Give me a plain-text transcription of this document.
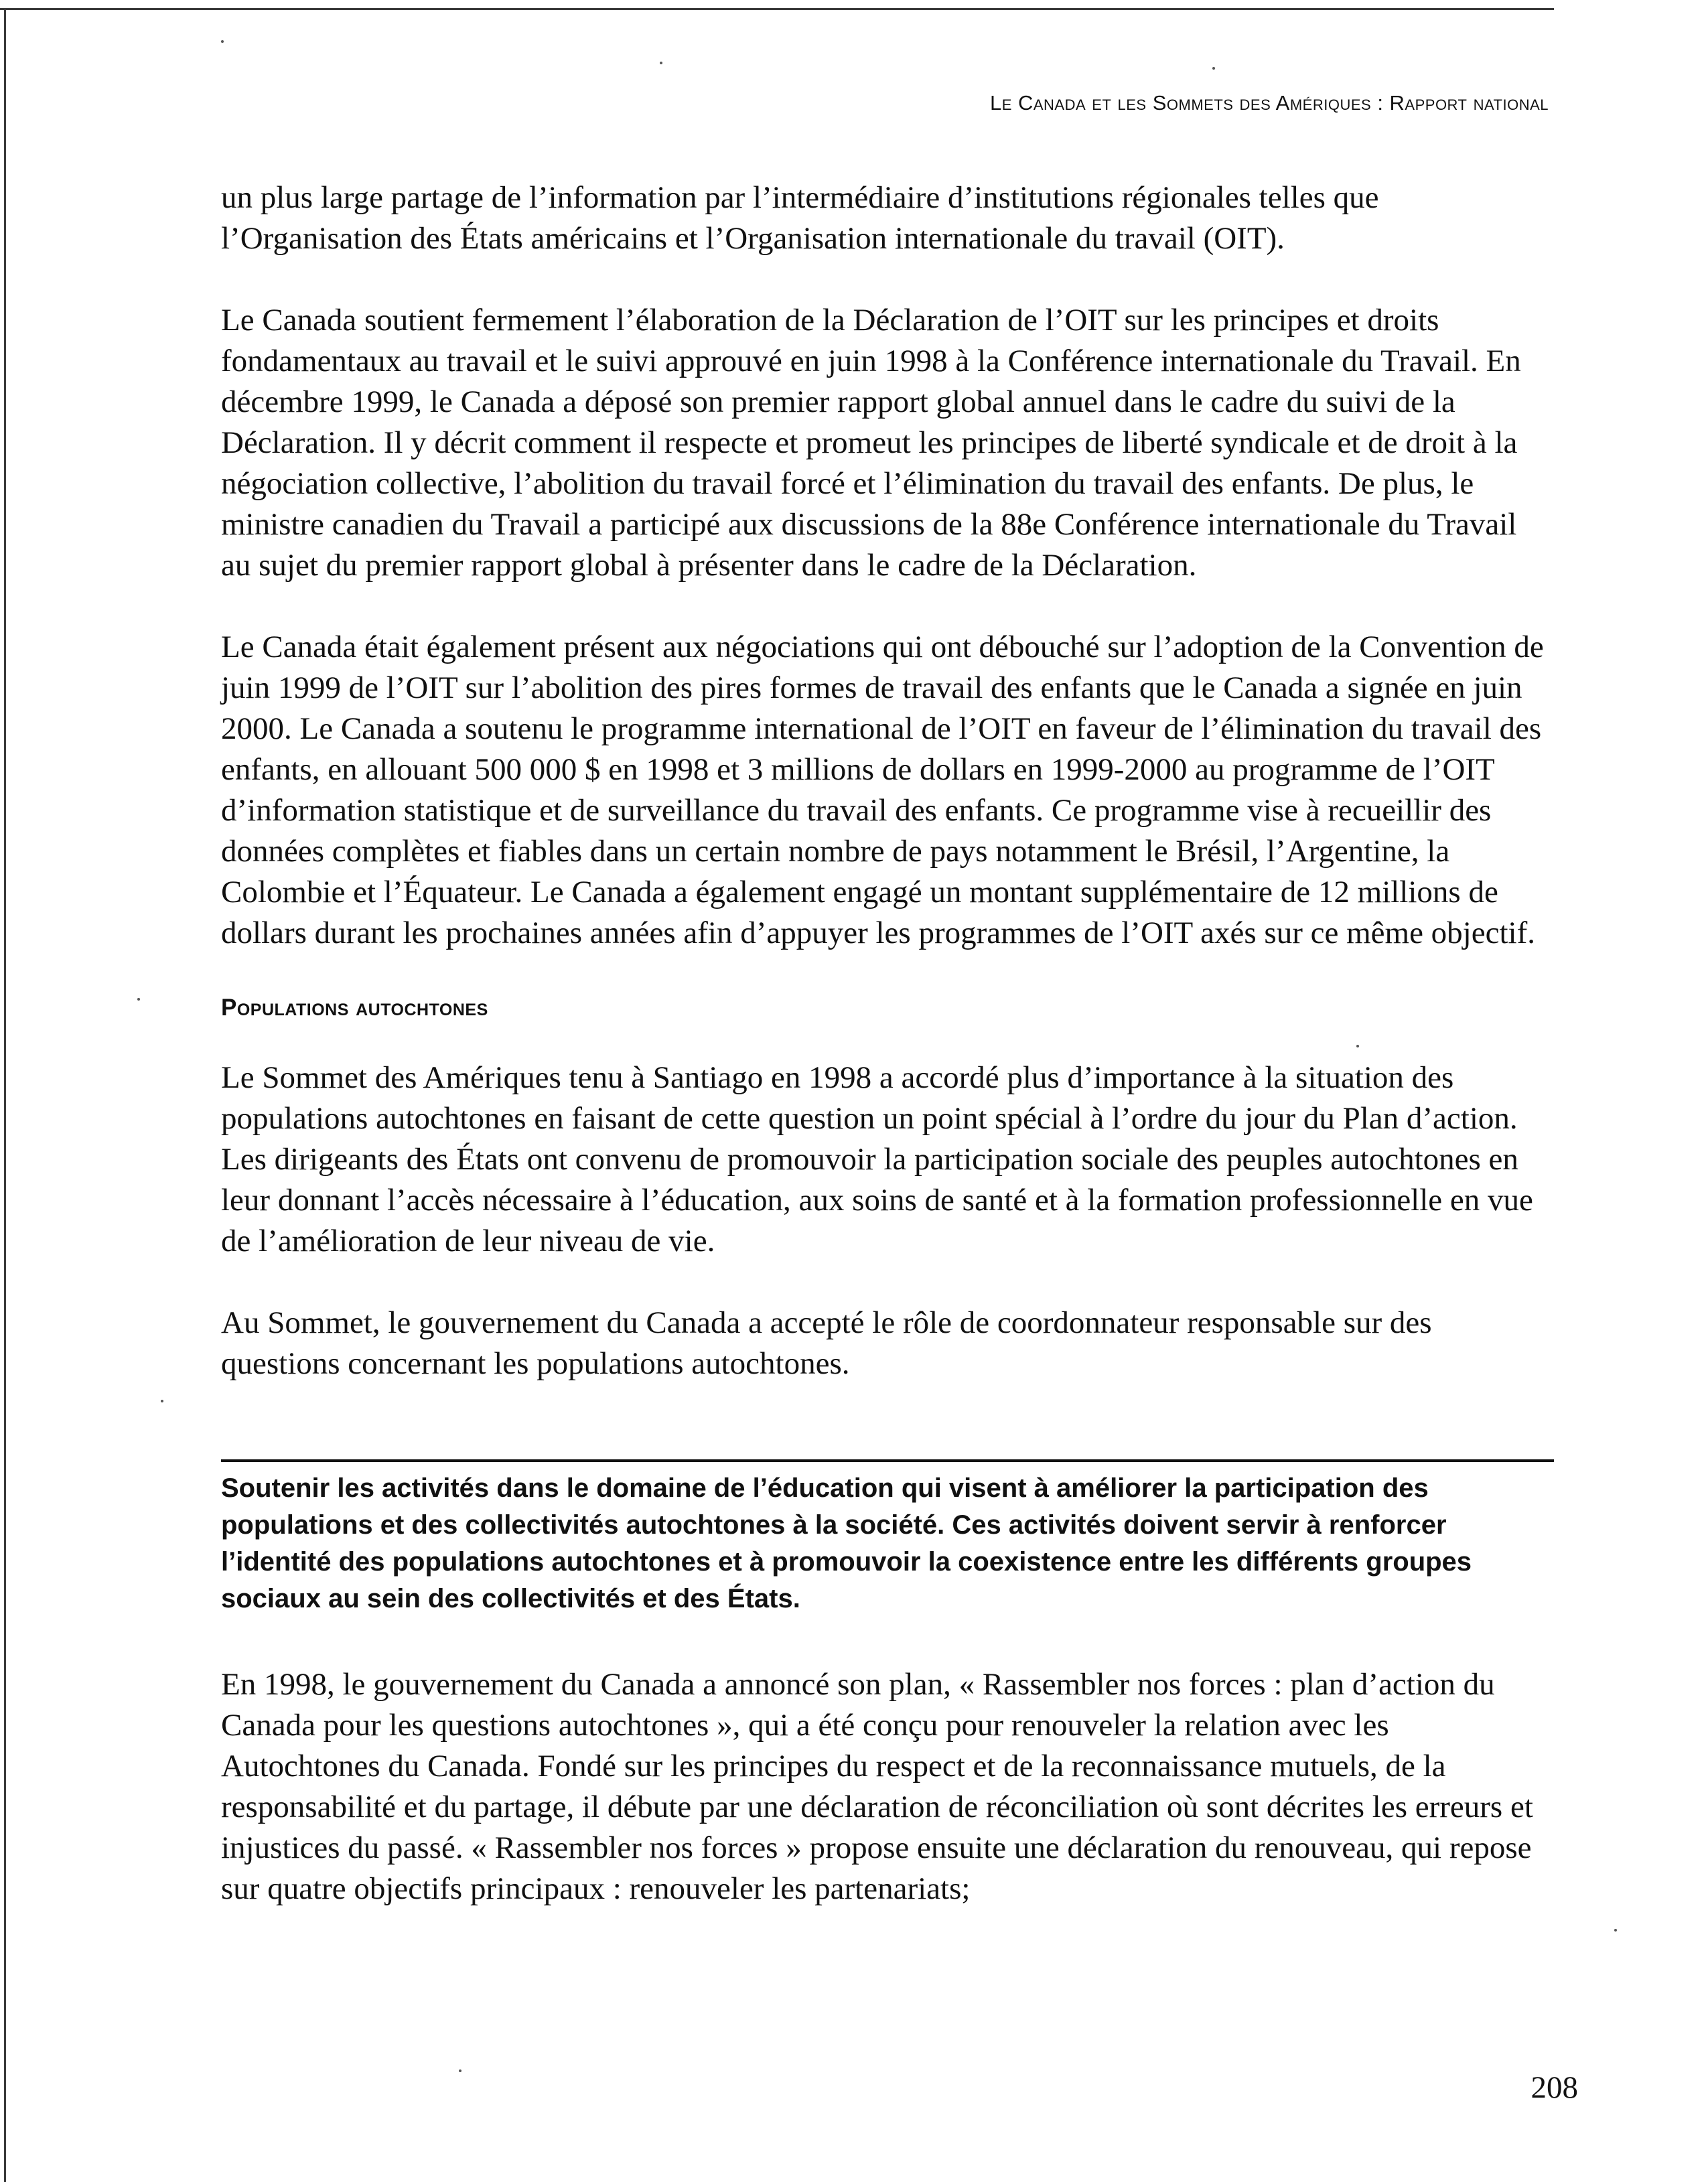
Le Canada et les Sommets des Amériques : Rapport national

un plus large partage de l’information par l’intermédiaire d’institutions régionales telles que l’Organisation des États américains et l’Organisation internationale du travail (OIT).

Le Canada soutient fermement l’élaboration de la Déclaration de l’OIT sur les principes et droits fondamentaux au travail et le suivi approuvé en juin 1998 à la Conférence internationale du Travail. En décembre 1999, le Canada a déposé son premier rapport global annuel dans le cadre du suivi de la Déclaration. Il y décrit comment il respecte et promeut les principes de liberté syndicale et de droit à la négociation collective, l’abolition du travail forcé et l’élimination du travail des enfants. De plus, le ministre canadien du Travail a participé aux discussions de la 88e Conférence internationale du Travail au sujet du premier rapport global à présenter dans le cadre de la Déclaration.

Le Canada était également présent aux négociations qui ont débouché sur l’adoption de la Convention de juin 1999 de l’OIT sur l’abolition des pires formes de travail des enfants que le Canada a signée en juin 2000. Le Canada a soutenu le programme international de l’OIT en faveur de l’élimination du travail des enfants, en allouant 500 000 $ en 1998 et 3 millions de dollars en 1999-2000 au programme de l’OIT d’information statistique et de surveillance du travail des enfants. Ce programme vise à recueillir des données complètes et fiables dans un certain nombre de pays notamment le Brésil, l’Argentine, la Colombie et l’Équateur. Le Canada a également engagé un montant supplémentaire de 12 millions de dollars durant les prochaines années afin d’appuyer les programmes de l’OIT axés sur ce même objectif.

Populations autochtones

Le Sommet des Amériques tenu à Santiago en 1998 a accordé plus d’importance à la situation des populations autochtones en faisant de cette question un point spécial à l’ordre du jour du Plan d’action. Les dirigeants des États ont convenu de promouvoir la participation sociale des peuples autochtones en leur donnant l’accès nécessaire à l’éducation, aux soins de santé et à la formation professionnelle en vue de l’amélioration de leur niveau de vie.

Au Sommet, le gouvernement du Canada a accepté le rôle de coordonnateur responsable sur des questions concernant les populations autochtones.

Soutenir les activités dans le domaine de l’éducation qui visent à améliorer la participation des populations et des collectivités autochtones à la société. Ces activités doivent servir à renforcer l’identité des populations autochtones et à promouvoir la coexistence entre les différents groupes sociaux au sein des collectivités et des États.

En 1998, le gouvernement du Canada a annoncé son plan, « Rassembler nos forces : plan d’action du Canada pour les questions autochtones », qui a été conçu pour renouveler la relation avec les Autochtones du Canada. Fondé sur les principes du respect et de la reconnaissance mutuels, de la responsabilité et du partage, il débute par une déclaration de réconciliation où sont décrites les erreurs et injustices du passé. « Rassembler nos forces » propose ensuite une déclaration du renouveau, qui repose sur quatre objectifs principaux : renouveler les partenariats;

208
